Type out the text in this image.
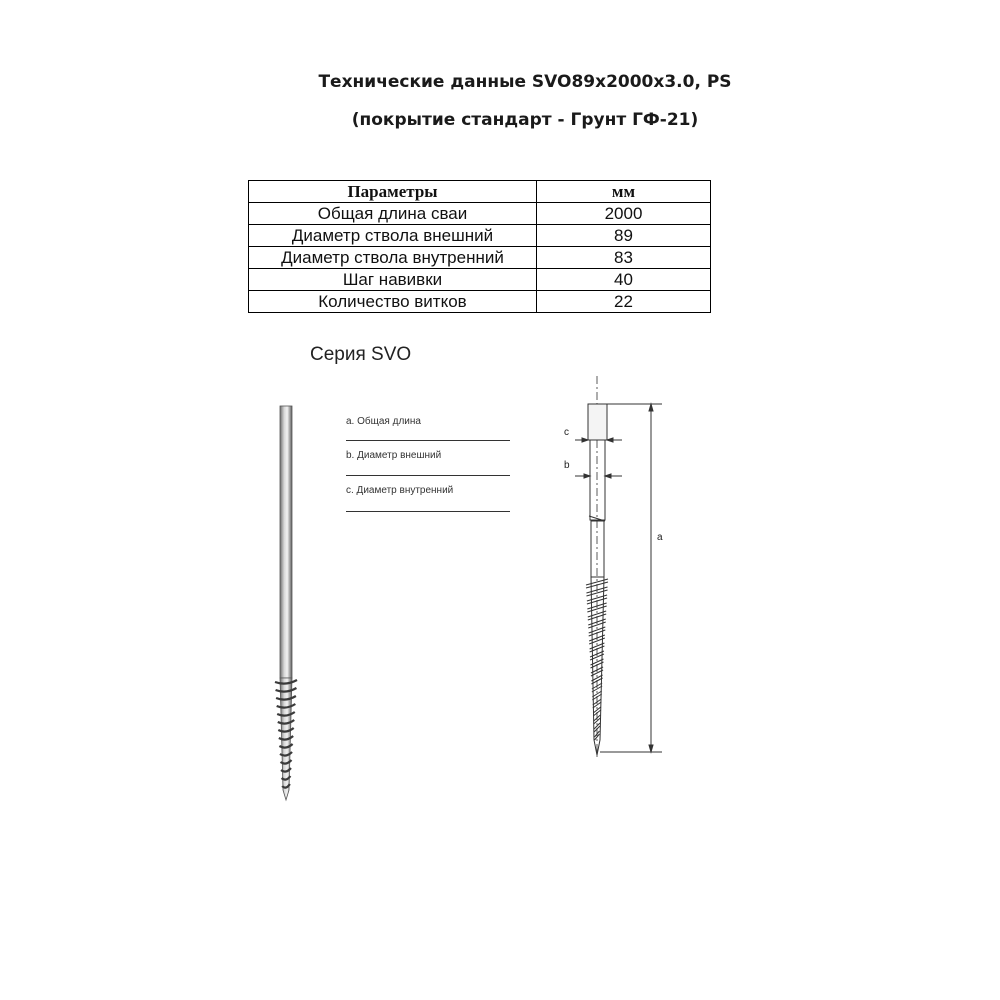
Технические данные SVO89x2000x3.0, PS
(покрытие стандарт - Грунт ГФ-21)
Параметры	мм
Общая длина сваи	2000
Диаметр ствола внешний	89
Диаметр ствола внутренний	83
Шаг навивки	40
Количество витков	22
Серия SVO
a. Общая длина
b. Диаметр внешний
c. Диаметр внутренний
c
b
a
